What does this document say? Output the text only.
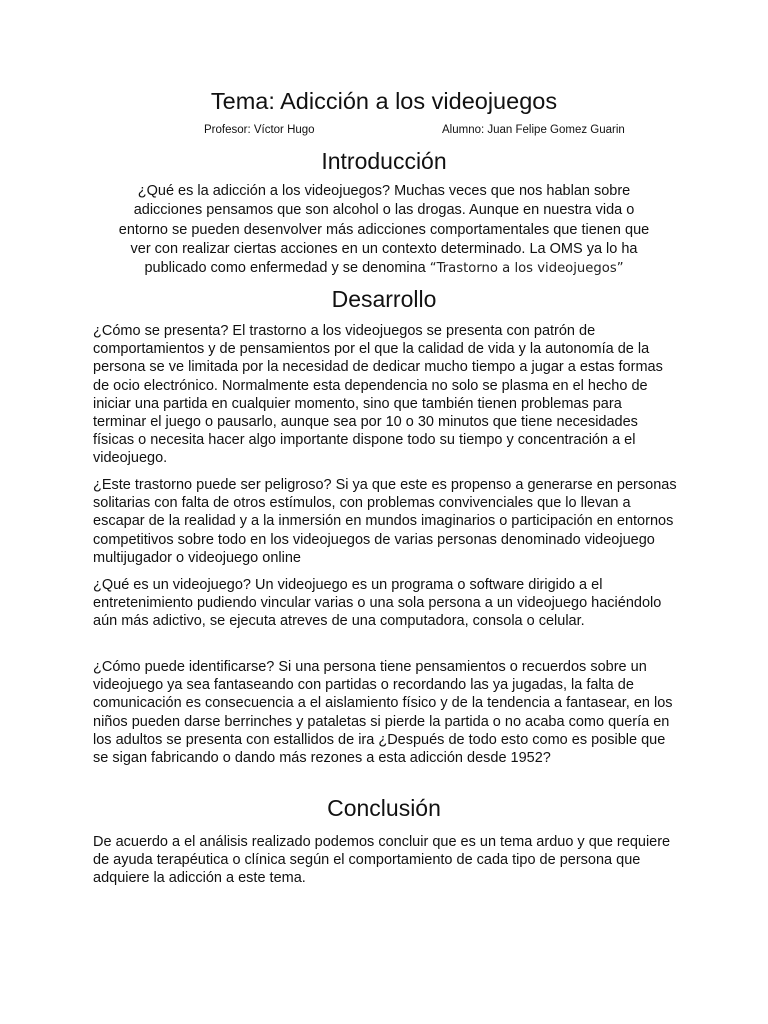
Tema: Adicción a los videojuegos
Profesor: Víctor Hugo	Alumno: Juan Felipe Gomez Guarin
Introducción

¿Qué es la adicción a los videojuegos? Muchas veces que nos hablan sobre adicciones pensamos que son alcohol o las drogas. Aunque en nuestra vida o entorno se pueden desenvolver más adicciones comportamentales que tienen que ver con realizar ciertas acciones en un contexto determinado. La OMS ya lo ha publicado como enfermedad y se denomina “Trastorno a los videojuegos”

Desarrollo

¿Cómo se presenta? El trastorno a los videojuegos se presenta con patrón de comportamientos y de pensamientos por el que la calidad de vida y la autonomía de la persona se ve limitada por la necesidad de dedicar mucho tiempo a jugar a estas formas de ocio electrónico. Normalmente esta dependencia no solo se plasma en el hecho de iniciar una partida en cualquier momento, sino que también tienen problemas para terminar el juego o pausarlo, aunque sea por 10 o 30 minutos que tiene necesidades físicas o necesita hacer algo importante dispone todo su tiempo y concentración a el videojuego.

¿Este trastorno puede ser peligroso? Si ya que este es propenso a generarse en personas solitarias con falta de otros estímulos, con problemas convivenciales que lo llevan a escapar de la realidad y a la inmersión en mundos imaginarios o participación en entornos competitivos sobre todo en los videojuegos de varias personas denominado videojuego multijugador o videojuego online

¿Qué es un videojuego? Un videojuego es un programa o software dirigido a el entretenimiento pudiendo vincular varias o una sola persona a un videojuego haciéndolo aún más adictivo, se ejecuta atreves de una computadora, consola o celular.

¿Cómo puede identificarse? Si una persona tiene pensamientos o recuerdos sobre un videojuego ya sea fantaseando con partidas o recordando las ya jugadas, la falta de comunicación es consecuencia a el aislamiento físico y de la tendencia a fantasear, en los niños pueden darse berrinches y pataletas si pierde la partida o no acaba como quería en los adultos se presenta con estallidos de ira ¿Después de todo esto como es posible que se sigan fabricando o dando más rezones a esta adicción desde 1952?

Conclusión

De acuerdo a el análisis realizado podemos concluir que es un tema arduo y que requiere de ayuda terapéutica o clínica según el comportamiento de cada tipo de persona que adquiere la adicción a este tema.
